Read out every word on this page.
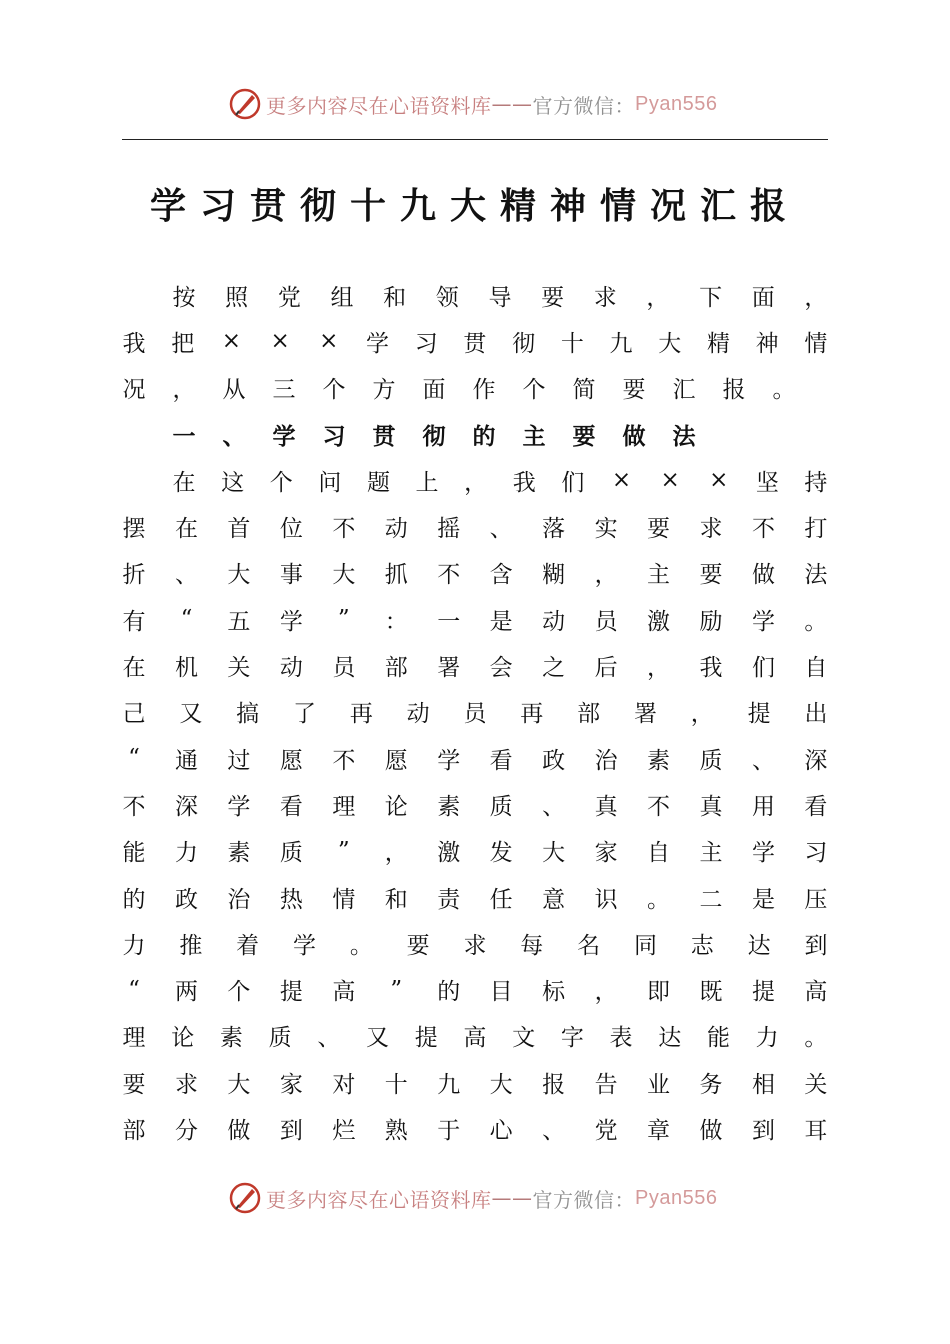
更多内容尽在心语资料库 —— 官方微信： Pyan556
学习贯彻十九大精神情况汇报
按 照 党 组 和 领 导 要 求 ， 下 面 ，
我 把 × × × 学 习 贯 彻 十 九 大 精 神 情
况 ， 从 三 个 方 面 作 个 简 要 汇 报 。
一 、 学 习 贯 彻 的 主 要 做 法
在 这 个 问 题 上 ， 我 们 × × × 坚 持
摆 在 首 位 不 动 摇 、 落 实 要 求 不 打
折 、 大 事 大 抓 不 含 糊 ， 主 要 做 法
有 “ 五 学 ” ： 一 是 动 员 激 励 学 。
在 机 关 动 员 部 署 会 之 后 ， 我 们 自
己 又 搞 了 再 动 员 再 部 署 ， 提 出
“ 通 过 愿 不 愿 学 看 政 治 素 质 、 深
不 深 学 看 理 论 素 质 、 真 不 真 用 看
能 力 素 质 ” ， 激 发 大 家 自 主 学 习
的 政 治 热 情 和 责 任 意 识 。 二 是 压
力 推 着 学 。 要 求 每 名 同 志 达 到
“ 两 个 提 高 ” 的 目 标 ， 即 既 提 高
理 论 素 质 、 又 提 高 文 字 表 达 能 力 。
要 求 大 家 对 十 九 大 报 告 业 务 相 关
部 分 做 到 烂 熟 于 心 、 党 章 做 到 耳
更多内容尽在心语资料库 —— 官方微信： Pyan556
